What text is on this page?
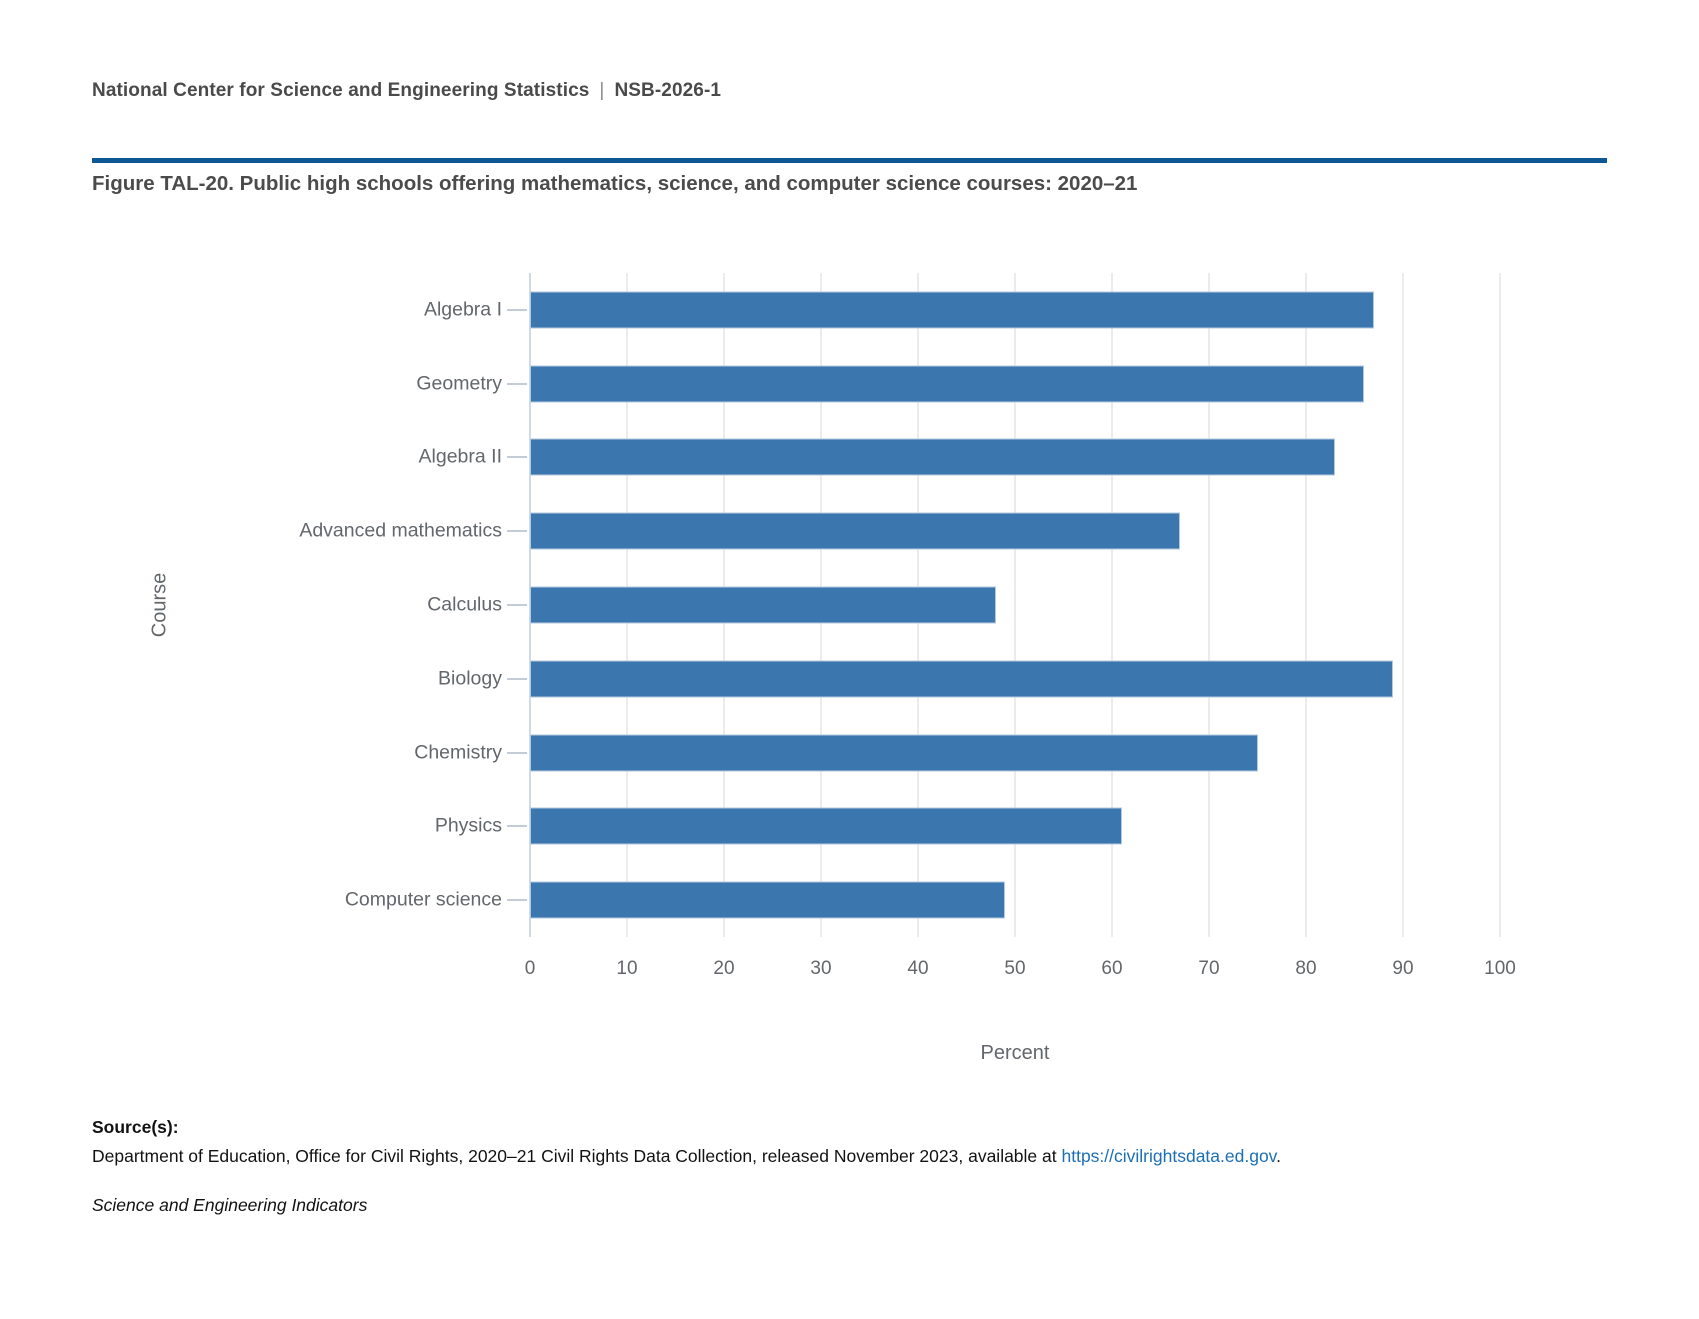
National Center for Science and Engineering Statistics | NSB-2026-1
Figure TAL-20. Public high schools offering mathematics, science, and computer science courses: 2020–21
0	10	20	30	40	50	60	70	80	90	100
Algebra I
Geometry
Algebra II
Advanced mathematics
Calculus
Biology
Chemistry
Physics
Computer science
Percent
Course
Source(s):
Department of Education, Office for Civil Rights, 2020–21 Civil Rights Data Collection, released November 2023, available at https://civilrightsdata.ed.gov.
Science and Engineering Indicators
